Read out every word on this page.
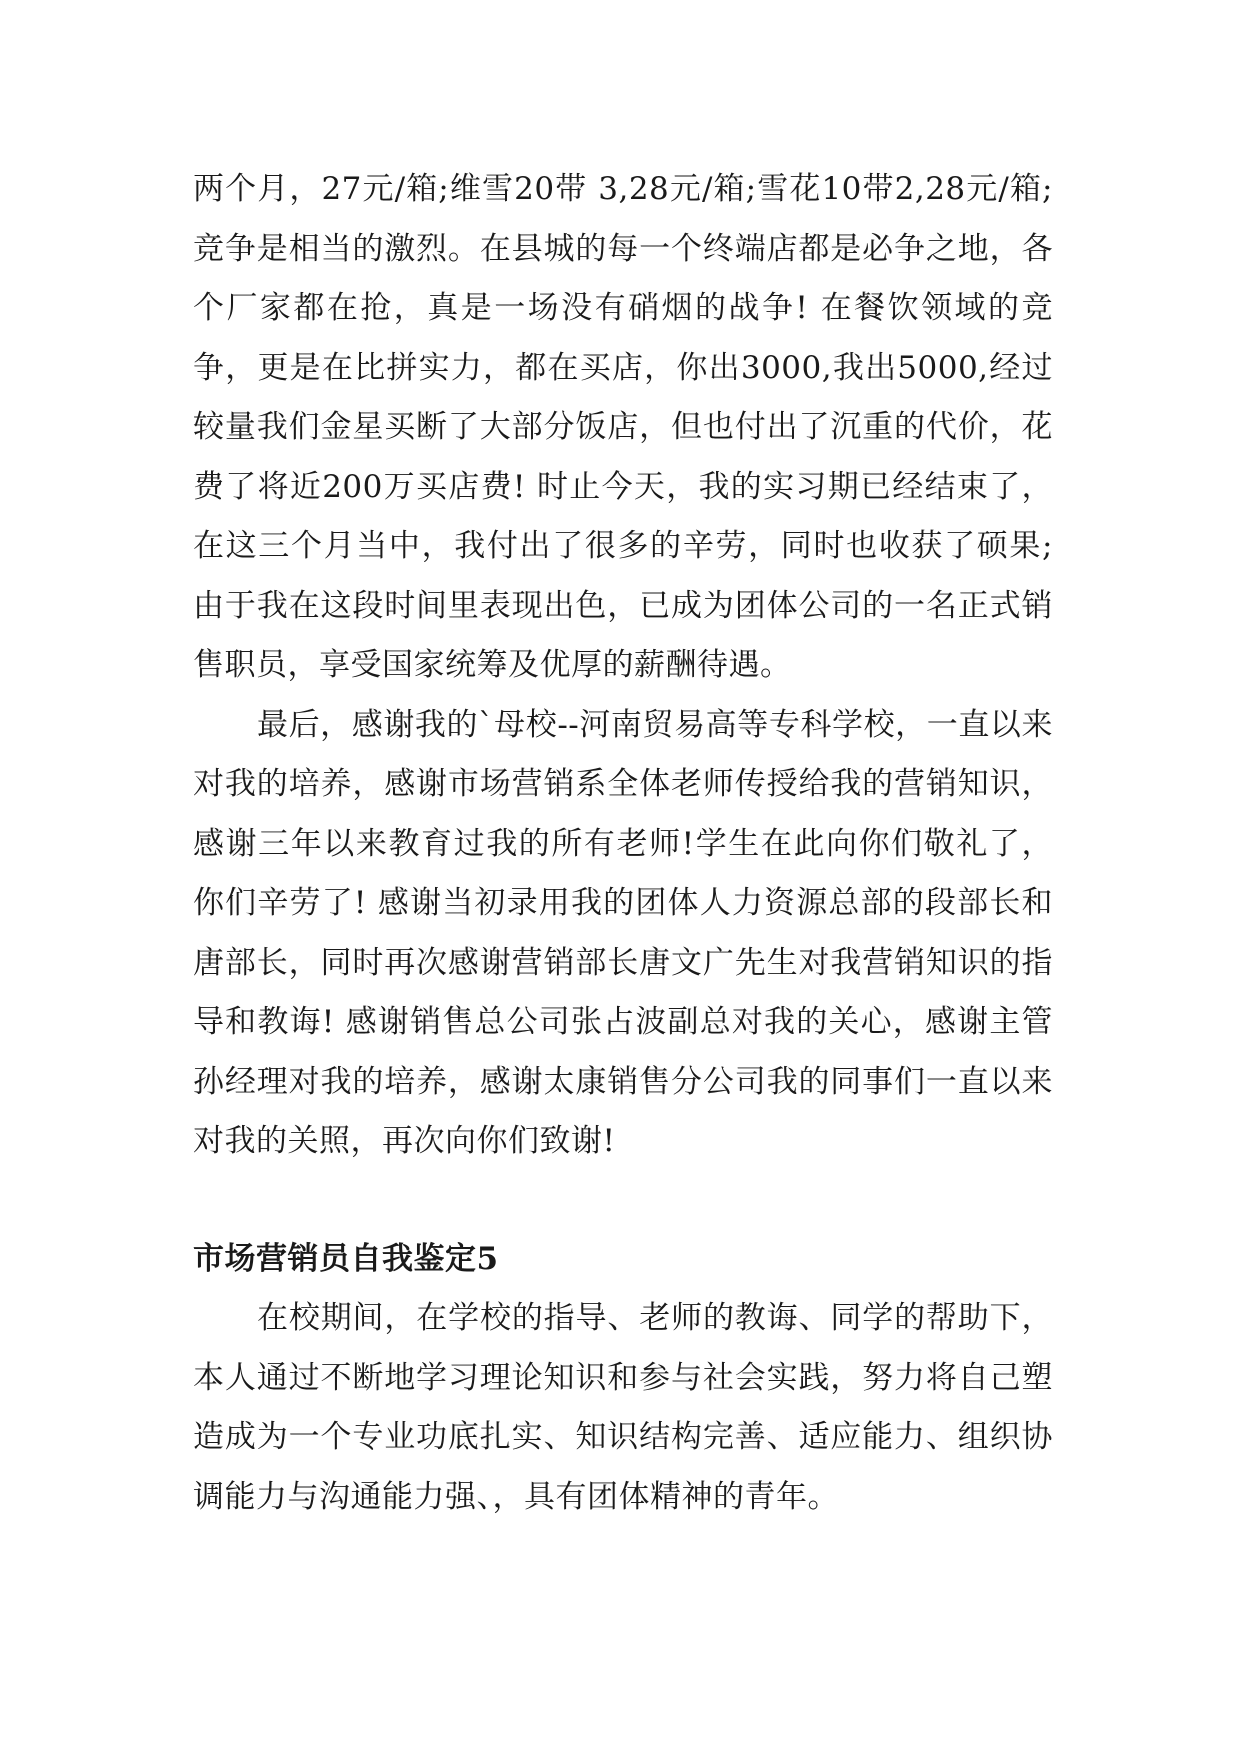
两个月，27元/箱;维雪20带 3,28元/箱;雪花10带2,28元/箱;竞争是相当的激烈。在县城的每一个终端店都是必争之地，各个厂家都在抢，真是一场没有硝烟的战争! 在餐饮领域的竞争，更是在比拼实力，都在买店，你出3000,我出5000,经过较量我们金星买断了大部分饭店，但也付出了沉重的代价，花费了将近200万买店费! 时止今天，我的实习期已经结束了，在这三个月当中，我付出了很多的辛劳，同时也收获了硕果;由于我在这段时间里表现出色，已成为团体公司的一名正式销售职员，享受国家统筹及优厚的薪酬待遇。

最后，感谢我的`母校--河南贸易高等专科学校，一直以来对我的培养，感谢市场营销系全体老师传授给我的营销知识，感谢三年以来教育过我的所有老师!学生在此向你们敬礼了，你们辛劳了! 感谢当初录用我的团体人力资源总部的段部长和唐部长，同时再次感谢营销部长唐文广先生对我营销知识的指导和教诲! 感谢销售总公司张占波副总对我的关心，感谢主管孙经理对我的培养，感谢太康销售分公司我的同事们一直以来对我的关照，再次向你们致谢!

市场营销员自我鉴定5

在校期间，在学校的指导、老师的教诲、同学的帮助下，本人通过不断地学习理论知识和参与社会实践，努力将自己塑造成为一个专业功底扎实、知识结构完善、适应能力、组织协调能力与沟通能力强、，具有团体精神的青年。
